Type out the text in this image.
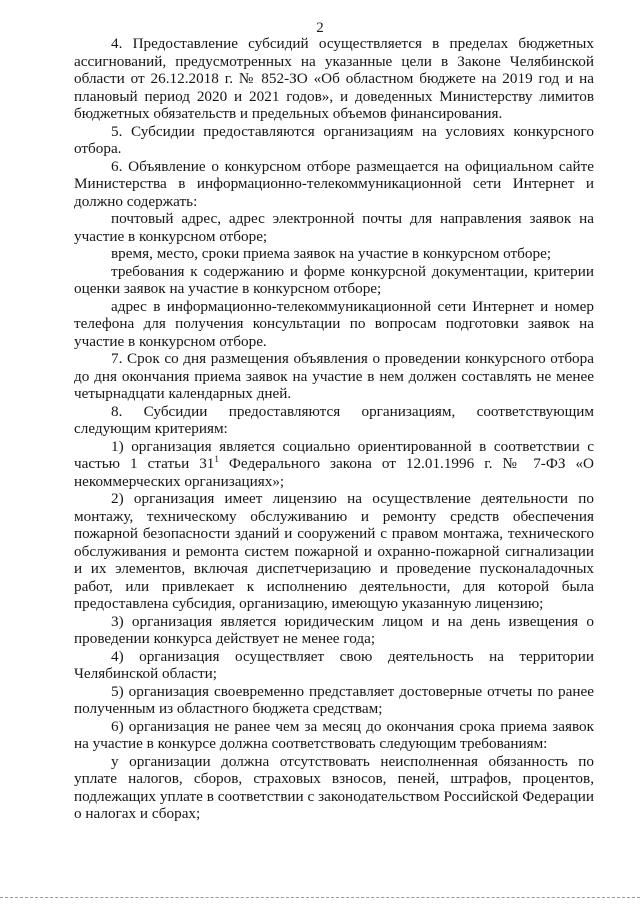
2

4. Предоставление субсидий осуществляется в пределах бюджетных ассигнований, предусмотренных на указанные цели в Законе Челябинской области от 26.12.2018 г. № 852-ЗО «Об областном бюджете на 2019 год и на плановый период 2020 и 2021 годов», и доведенных Министерству лимитов бюджетных обязательств и предельных объемов финансирования.

5. Субсидии предоставляются организациям на условиях конкурсного отбора.

6. Объявление о конкурсном отборе размещается на официальном сайте Министерства в информационно-телекоммуникационной сети Интернет и должно содержать:

почтовый адрес, адрес электронной почты для направления заявок на участие в конкурсном отборе;

время, место, сроки приема заявок на участие в конкурсном отборе;

требования к содержанию и форме конкурсной документации, критерии оценки заявок на участие в конкурсном отборе;

адрес в информационно-телекоммуникационной сети Интернет и номер телефона для получения консультации по вопросам подготовки заявок на участие в конкурсном отборе.

7. Срок со дня размещения объявления о проведении конкурсного отбора до дня окончания приема заявок на участие в нем должен составлять не менее четырнадцати календарных дней.

8. Субсидии предоставляются организациям, соответствующим следующим критериям:

1) организация является социально ориентированной в соответствии с частью 1 статьи $31^1$ Федерального закона от 12.01.1996 г. № 7-ФЗ «О некоммерческих организациях»;

2) организация имеет лицензию на осуществление деятельности по монтажу, техническому обслуживанию и ремонту средств обеспечения пожарной безопасности зданий и сооружений с правом монтажа, технического обслуживания и ремонта систем пожарной и охранно-пожарной сигнализации и их элементов, включая диспетчеризацию и проведение пусконаладочных работ, или привлекает к исполнению деятельности, для которой была предоставлена субсидия, организацию, имеющую указанную лицензию;

3) организация является юридическим лицом и на день извещения о проведении конкурса действует не менее года;

4) организация осуществляет свою деятельность на территории Челябинской области;

5) организация своевременно представляет достоверные отчеты по ранее полученным из областного бюджета средствам;

6) организация не ранее чем за месяц до окончания срока приема заявок на участие в конкурсе должна соответствовать следующим требованиям:

у организации должна отсутствовать неисполненная обязанность по уплате налогов, сборов, страховых взносов, пеней, штрафов, процентов, подлежащих уплате в соответствии с законодательством Российской Федерации о налогах и сборах;
